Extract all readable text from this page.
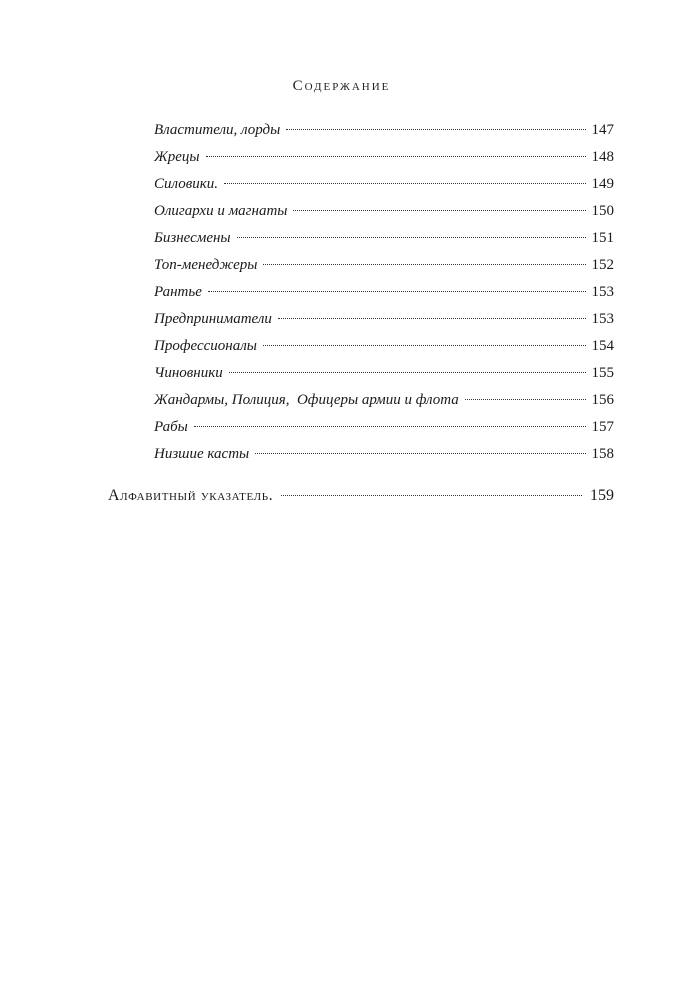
Содержание
Властители, лорды	147
Жрецы	148
Силовики.	149
Олигархи и магнаты	150
Бизнесмены	151
Топ-менеджеры	152
Рантье	153
Предприниматели	153
Профессионалы	154
Чиновники	155
Жандармы, Полиция,  Офицеры армии и флота	156
Рабы	157
Низшие касты	158
Алфавитный указатель.	159
